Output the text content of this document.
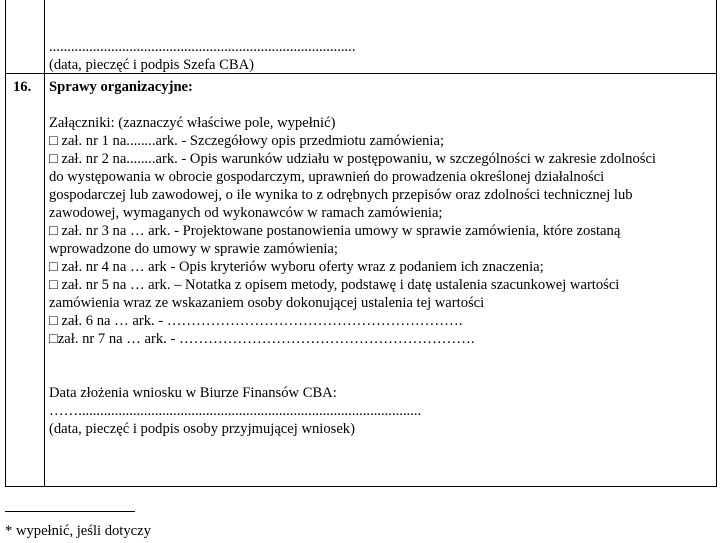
....................................................................................

(data, pieczęć i podpis Szefa CBA)

16. Sprawy organizacyjne:

Załączniki: (zaznaczyć właściwe pole, wypełnić)

□ zał. nr 1 na........ark. - Szczegółowy opis przedmiotu zamówienia;

□ zał. nr 2 na........ark. - Opis warunków udziału w postępowaniu, w szczególności w zakresie zdolności

do występowania w obrocie gospodarczym, uprawnień do prowadzenia określonej działalności

gospodarczej lub zawodowej, o ile wynika to z odrębnych przepisów oraz zdolności technicznej lub

zawodowej, wymaganych od wykonawców w ramach zamówienia;

□ zał. nr 3 na … ark. - Projektowane postanowienia umowy w sprawie zamówienia, które zostaną

wprowadzone do umowy w sprawie zamówienia;

□ zał. nr 4 na … ark - Opis kryteriów wyboru oferty wraz z podaniem ich znaczenia;

□ zał. nr 5 na … ark. – Notatka z opisem metody, podstawę i datę ustalenia szacunkowej wartości

zamówienia wraz ze wskazaniem osoby dokonującej ustalenia tej wartości

□ zał. 6 na … ark. - …………………………………………………….

□zał. nr 7 na … ark. - …………………………………………………….

Data złożenia wniosku w Biurze Finansów CBA:

……..............................................................................................

(data, pieczęć i podpis osoby przyjmującej wniosek)

* wypełnić, jeśli dotyczy
